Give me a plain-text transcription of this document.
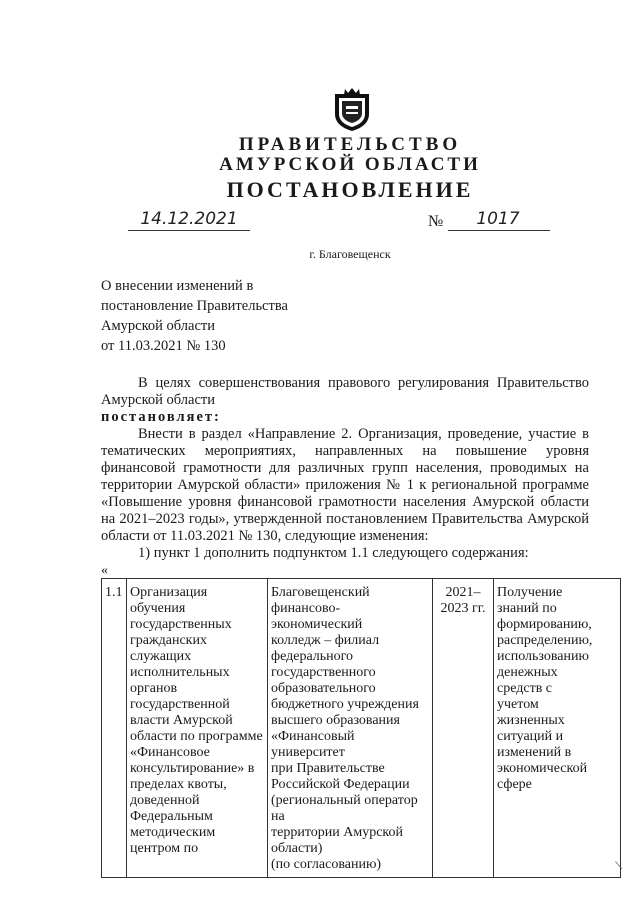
ПРАВИТЕЛЬСТВО
АМУРСКОЙ ОБЛАСТИ
ПОСТАНОВЛЕНИЕ
14.12.2021	№	1017
г. Благовещенск
О внесении изменений в
постановление Правительства
Амурской области
от 11.03.2021 № 130

В целях совершенствования правового регулирования Правительство Амурской области

постановляет:

Внести в раздел «Направление 2. Организация, проведение, участие в тематических мероприятиях, направленных на повышение уровня финансовой грамотности для различных групп населения, проводимых на территории Амурской области» приложения № 1 к региональной программе «Повышение уровня финансовой грамотности населения Амурской области на 2021–2023 годы», утвержденной постановлением Правительства Амурской области от 11.03.2021 № 130, следующие изменения:

1) пункт 1 дополнить подпунктом 1.1 следующего содержания:

«
1.1	Организация обучения
государственных
гражданских
служащих
исполнительных
органов
государственной
власти Амурской
области по программе
«Финансовое
консультирование» в
пределах квоты,
доведенной
Федеральным
методическим
центром по	Благовещенский
финансово-экономический
колледж – филиал
федерального
государственного
образовательного
бюджетного учреждения
высшего образования
«Финансовый университет
при Правительстве
Российской Федерации
(региональный оператор на
территории Амурской
области)
(по согласованию)	2021–
2023 гг.	Получение
знаний по
формированию,
распределению,
использованию
денежных
средств с
учетом
жизненных
ситуаций и
изменений в
экономической
сфере
/
